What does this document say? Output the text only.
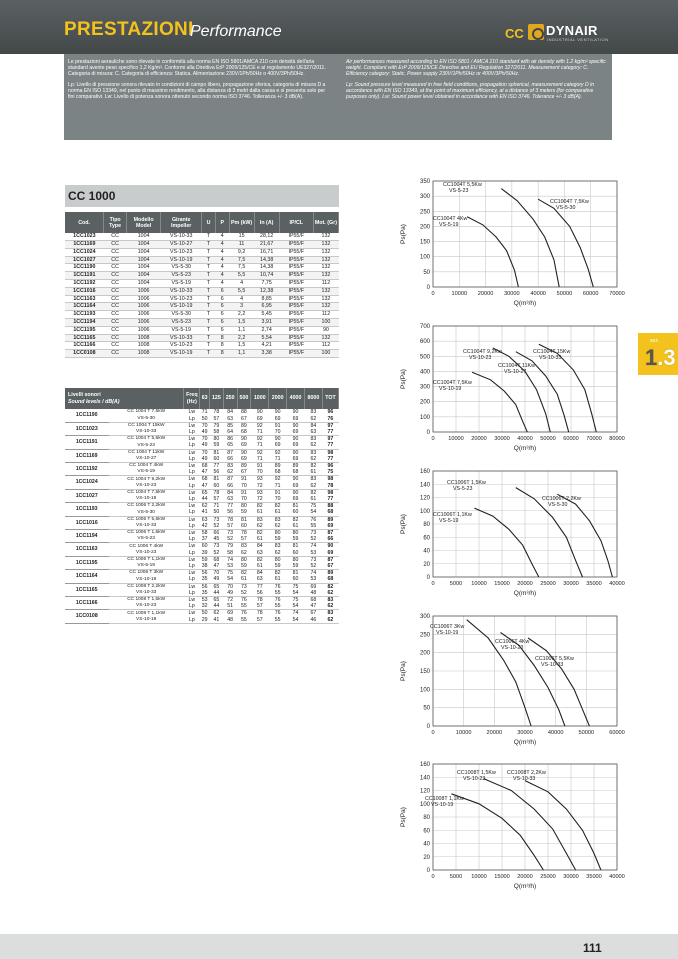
PRESTAZIONI
Performance	CC DYNAIR
INDUSTRIAL VENTILATION

Le prestazioni aerauliche sono rilevate in conformità alla norma EN ISO 5801/AMCA 210 con densità dell'aria standard avente peso specifico 1,2 Kg/m³. Conformi alla Direttiva ErP 2009/125/CE e al regolamento UE327/2011. Categoria di misura: C. Categoria di efficienza: Statica. Alimentazione 230V/1Ph/50Hz o 400V/3Ph/50Hz.

Lp: Livello di pressione sonora rilevato in condizioni di campo libero, propagazione sferica, categoria di misura D a norma EN ISO 13349, nel punto di massimo rendimento, alla distanza di 3 metri dalla cassa e si presenta solo per fini comparativi. Lw: Livello di potenza sonora ottenuto secondo norma ISO 3746. Tolleranza +/- 3 dB(A).

Air performances measured according to EN ISO 5801 / AMCA 210 standard with air density with 1.2 kg/m³ specific weight. Compliant with ErP 2009/125/CE Directive and EU Regulation 327/2011. Measurement category: C. Efficiency category: Static. Power supply 230V/1Ph/50Hz or 400V/3Ph/50Hz.

Lp: Sound pressure level measured in free field conditions, propagation spherical, measurement category D in accordance with EN ISO 13349, at the point of maximum efficiency, at a distance of 3 meters (for comparative purposes only). Lw: Sound power level obtained in accordance with EN ISO 3746. Tolerance +/- 3 dB(A).

CC 1000
Cod.	Tipo Type	Modello Model	Girante Impeller	U	P	Pm (kW)	In (A)	IP/CL	Mot. (Gr)
1CC1023	CC	1004	VS-10-33	T	4	15	28,12	IP55/F	132
1CC1169	CC	1004	VS-10-27	T	4	11	21,67	IP55/F	132
1CC1024	CC	1004	VS-10-23	T	4	9,2	16,71	IP55/F	132
1CC1027	CC	1004	VS-10-19	T	4	7,5	14,38	IP55/F	132
1CC1190	CC	1004	VS-5-30	T	4	7,5	14,38	IP55/F	132
1CC1191	CC	1004	VS-5-23	T	4	5,5	10,74	IP55/F	132
1CC1192	CC	1004	VS-5-19	T	4	4	7,75	IP55/F	112
1CC1016	CC	1006	VS-10-33	T	6	5,5	12,38	IP55/F	132
1CC1163	CC	1006	VS-10-23	T	6	4	8,85	IP55/F	132
1CC1164	CC	1006	VS-10-19	T	6	3	6,95	IP55/F	132
1CC1193	CC	1006	VS-5-30	T	6	2,2	5,45	IP55/F	112
1CC1194	CC	1006	VS-5-23	T	6	1,5	3,91	IP55/F	100
1CC1195	CC	1006	VS-5-19	T	6	1,1	2,74	IP55/F	90
1CC1165	CC	1008	VS-10-33	T	8	2,2	5,54	IP55/F	132
1CC1166	CC	1008	VS-10-23	T	8	1,5	4,21	IP55/F	112
1CC0108	CC	1008	VS-10-19	T	8	1,1	3,38	IP55/F	100
Livelli sonori
Sound levels / dB(A)		Freq (Hz)	63	125	250	500	1000	2000	4000	8000	TOT
1CC1190	CC 1004 T 7,5kW	Lw	71	78	84	88	90	90	90	83	96
	VS-5-30	Lp	50	57	63	67	69	69	69	62	76
1CC1023	CC 1004 T 15kW	Lw	70	79	85	89	92	91	90	84	97
	VS-10-33	Lp	49	58	64	68	71	70	69	63	77
1CC1191	CC 1004 T 5,5kW	Lw	70	80	86	90	92	90	90	83	97
	VS-5-23	Lp	49	59	65	69	71	69	69	62	77
1CC1169	CC 1004 T 11kW	Lw	70	81	87	90	92	92	90	83	98
	VS-10-27	Lp	49	60	66	69	71	71	69	62	77
1CC1192	CC 1004 T 4kW	Lw	68	77	83	89	91	89	89	82	96
	VS-5-19	Lp	47	56	62	67	70	68	68	61	75
1CC1024	CC 1004 T 9,2kW	Lw	68	81	87	91	93	92	90	83	98
	VS-10-23	Lp	47	60	66	70	72	71	69	62	78
1CC1027	CC 1004 T 7,5kW	Lw	65	78	84	91	93	91	90	82	98
	VS-10-19	Lp	44	57	63	70	72	70	69	61	77
1CC1193	CC 1006 T 2,2kW	Lw	62	71	77	80	82	82	81	75	88
	VS-5-30	Lp	41	50	56	59	61	61	60	54	68
1CC1016	CC 1006 T 5,5kW	Lw	63	73	78	81	83	83	82	76	89
	VS-10-33	Lp	42	52	57	60	62	62	61	55	69
1CC1194	CC 1006 T 1,5kW	Lw	58	66	73	78	82	80	80	73	87
	VS-5-23	Lp	37	45	52	57	61	59	59	52	66
1CC1163	CC 1006 T 4kW	Lw	60	73	79	83	84	83	81	74	90
	VS-10-23	Lp	39	52	58	62	63	62	60	53	69
1CC1195	CC 1006 T 1,1kW	Lw	59	68	74	80	82	80	80	73	87
	VS-5-19	Lp	38	47	53	59	61	59	59	52	67
1CC1164	CC 1006 T 3kW	Lw	56	70	75	82	84	82	81	74	89
	VS-10-19	Lp	35	49	54	61	63	61	60	53	68
1CC1165	CC 1008 T 2,2kW	Lw	56	65	70	73	77	76	75	69	82
	VS-10-33	Lp	35	44	49	52	56	55	54	48	62
1CC1166	CC 1008 T 1,5kW	Lw	53	65	72	76	78	76	75	68	83
	VS-10-23	Lp	32	44	51	55	57	55	54	47	62
1CC0108	CC 1008 T 1,1kW	Lw	50	62	69	76	78	76	74	67	83
	VS-10-19	Lp	29	41	48	55	57	55	54	46	62
sez.
1.3
0
50
100
150
200
250
300
350
0	10000 20000 30000 40000 50000 60000 70000
Q(m³/h)
Ps(Pa)
CC1004T 5,5Kw
VS-5-23
CC1004T 7,5Kw
VS-5-30
CC1004T 4Kw
VS-5-19
0
100
200
300
400
500
600
700
0 10000 20000 30000 40000 50000 60000 70000 80000
Q(m³/h)
Ps(Pa)
CC1004T 9,2Kw
VS-10-23
CC1004T 15Kw
VS-10-33
CC1004T 11Kw
VS-10-27
CC1004T 7,5Kw
VS-10-19
0
20
40
60
80
100
120
140
160
0	5000 10000 15000 20000 25000 30000 35000 40000
Q(m³/h)
Ps(Pa)
CC1006T 1,5Kw
VS-5-23
CC1006T 2,2Kw
VS-5-30
CC1006T 1,1Kw
VS-5-19
0
50
100
150
200
250
300
0	10000	20000	30000	40000	50000	60000
Q(m³/h)
Ps(Pa)
CC1006T 3Kw
VS-10-19
CC1006T 4Kw
VS-10-23
CC1006T 5,5Kw
VS-10-33
0
20
40
60
80
100
120
140
160
0	5000 10000 15000 20000 25000 30000 35000 40000
Q(m³/h)
Ps(Pa)
CC1008T 1,5Kw
VS-10-23
CC1008T 2,2Kw
VS-10-33
CC1008T 1,1Kw
VS-10-19
111
